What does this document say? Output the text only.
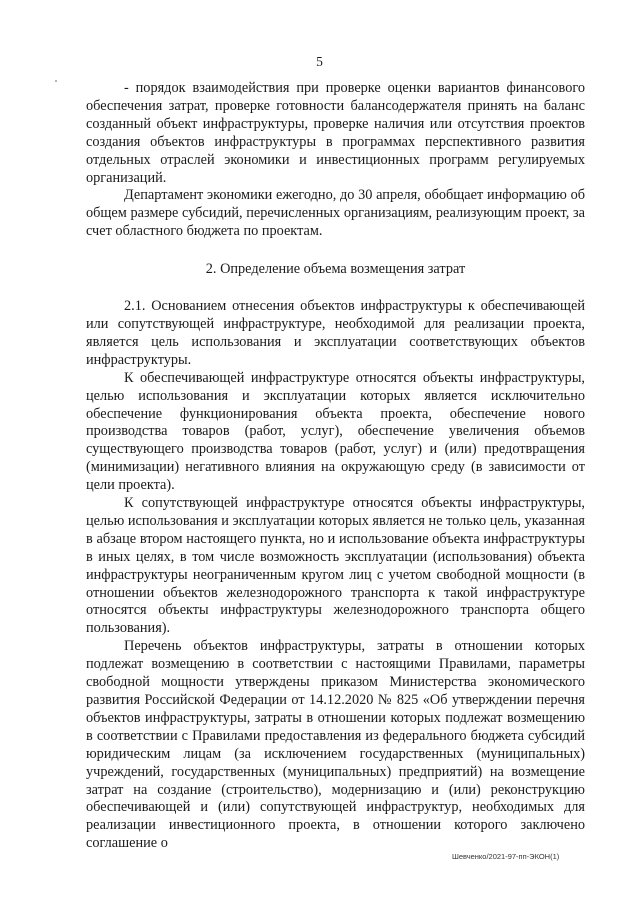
5

- порядок взаимодействия при проверке оценки вариантов финансового обеспечения затрат, проверке готовности балансодержателя принять на баланс созданный объект инфраструктуры, проверке наличия или отсутствия проектов создания объектов инфраструктуры в программах перспективного развития отдельных отраслей экономики и инвестиционных программ регулируемых организаций.

Департамент экономики ежегодно, до 30 апреля, обобщает информацию об общем размере субсидий, перечисленных организациям, реализующим проект, за счет областного бюджета по проектам.

2. Определение объема возмещения затрат

2.1. Основанием отнесения объектов инфраструктуры к обеспечивающей или сопутствующей инфраструктуре, необходимой для реализации проекта, является цель использования и эксплуатации соответствующих объектов инфраструктуры.

К обеспечивающей инфраструктуре относятся объекты инфраструктуры, целью использования и эксплуатации которых является исключительно обеспечение функционирования объекта проекта, обеспечение нового производства товаров (работ, услуг), обеспечение увеличения объемов существующего производства товаров (работ, услуг) и (или) предотвращения (минимизации) негативного влияния на окружающую среду (в зависимости от цели проекта).

К сопутствующей инфраструктуре относятся объекты инфраструктуры, целью использования и эксплуатации которых является не только цель, указанная в абзаце втором настоящего пункта, но и использование объекта инфраструктуры в иных целях, в том числе возможность эксплуатации (использования) объекта инфраструктуры неограниченным кругом лиц с учетом свободной мощности (в отношении объектов железнодорожного транспорта к такой инфраструктуре относятся объекты инфраструктуры железнодорожного транспорта общего пользования).

Перечень объектов инфраструктуры, затраты в отношении которых подлежат возмещению в соответствии с настоящими Правилами, параметры свободной мощности утверждены приказом Министерства экономического развития Российской Федерации от 14.12.2020 № 825 «Об утверждении перечня объектов инфраструктуры, затраты в отношении которых подлежат возмещению в соответствии с Правилами предоставления из федерального бюджета субсидий юридическим лицам (за исключением государственных (муниципальных) учреждений, государственных (муниципальных) предприятий) на возмещение затрат на создание (строительство), модернизацию и (или) реконструкцию обеспечивающей и (или) сопутствующей инфраструктур, необходимых для реализации инвестиционного проекта, в отношении которого заключено соглашение о

Шевченко/2021-97-пп-ЭКОН(1)
